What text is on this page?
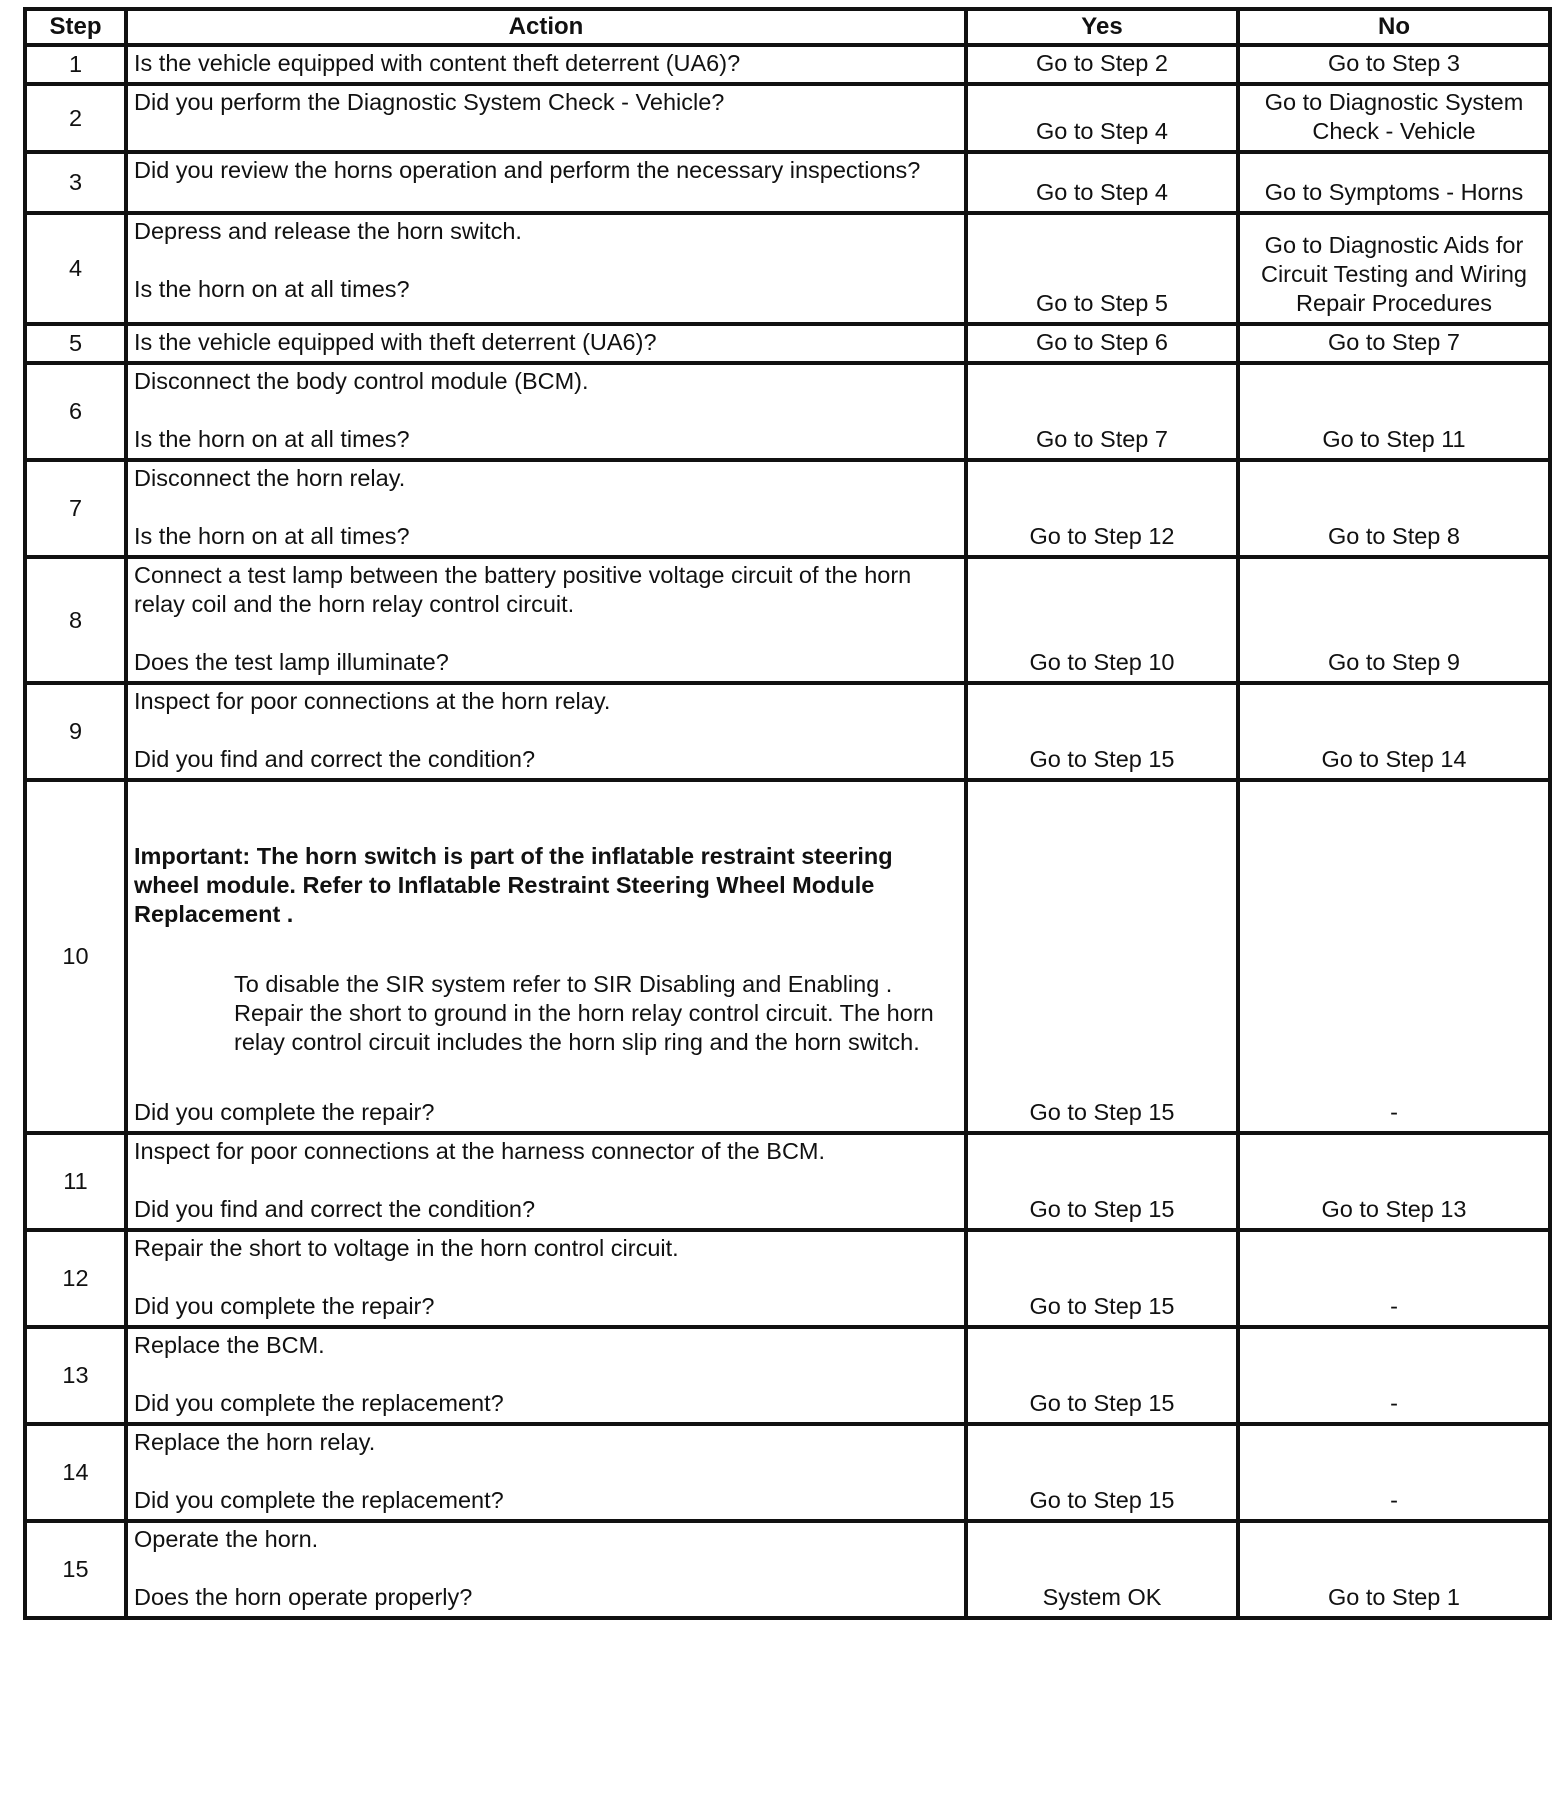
Step	Action	Yes	No
1	Is the vehicle equipped with content theft deterrent (UA6)?	Go to Step 2	Go to Step 3
2	Did you perform the Diagnostic System Check - Vehicle?	Go to Step 4	Go to Diagnostic System Check - Vehicle
3	Did you review the horns operation and perform the necessary inspections?	Go to Step 4	Go to Symptoms - Horns
4	Depress and release the horn switch.
Is the horn on at all times?	Go to Step 5	Go to Diagnostic Aids for Circuit Testing and Wiring Repair Procedures
5	Is the vehicle equipped with theft deterrent (UA6)?	Go to Step 6	Go to Step 7
6	Disconnect the body control module (BCM).
Is the horn on at all times?	Go to Step 7	Go to Step 11
7	Disconnect the horn relay.
Is the horn on at all times?	Go to Step 12	Go to Step 8
8	Connect a test lamp between the battery positive voltage circuit of the horn relay coil and the horn relay control circuit.
Does the test lamp illuminate?	Go to Step 10	Go to Step 9
9	Inspect for poor connections at the horn relay.
Did you find and correct the condition?	Go to Step 15	Go to Step 14
10	Important: The horn switch is part of the inflatable restraint steering wheel module. Refer to Inflatable Restraint Steering Wheel Module Replacement .
To disable the SIR system refer to SIR Disabling and Enabling . Repair the short to ground in the horn relay control circuit. The horn relay control circuit includes the horn slip ring and the horn switch.
Did you complete the repair?	Go to Step 15	-
11	Inspect for poor connections at the harness connector of the BCM.
Did you find and correct the condition?	Go to Step 15	Go to Step 13
12	Repair the short to voltage in the horn control circuit.
Did you complete the repair?	Go to Step 15	-
13	Replace the BCM.
Did you complete the replacement?	Go to Step 15	-
14	Replace the horn relay.
Did you complete the replacement?	Go to Step 15	-
15	Operate the horn.
Does the horn operate properly?	System OK	Go to Step 1
